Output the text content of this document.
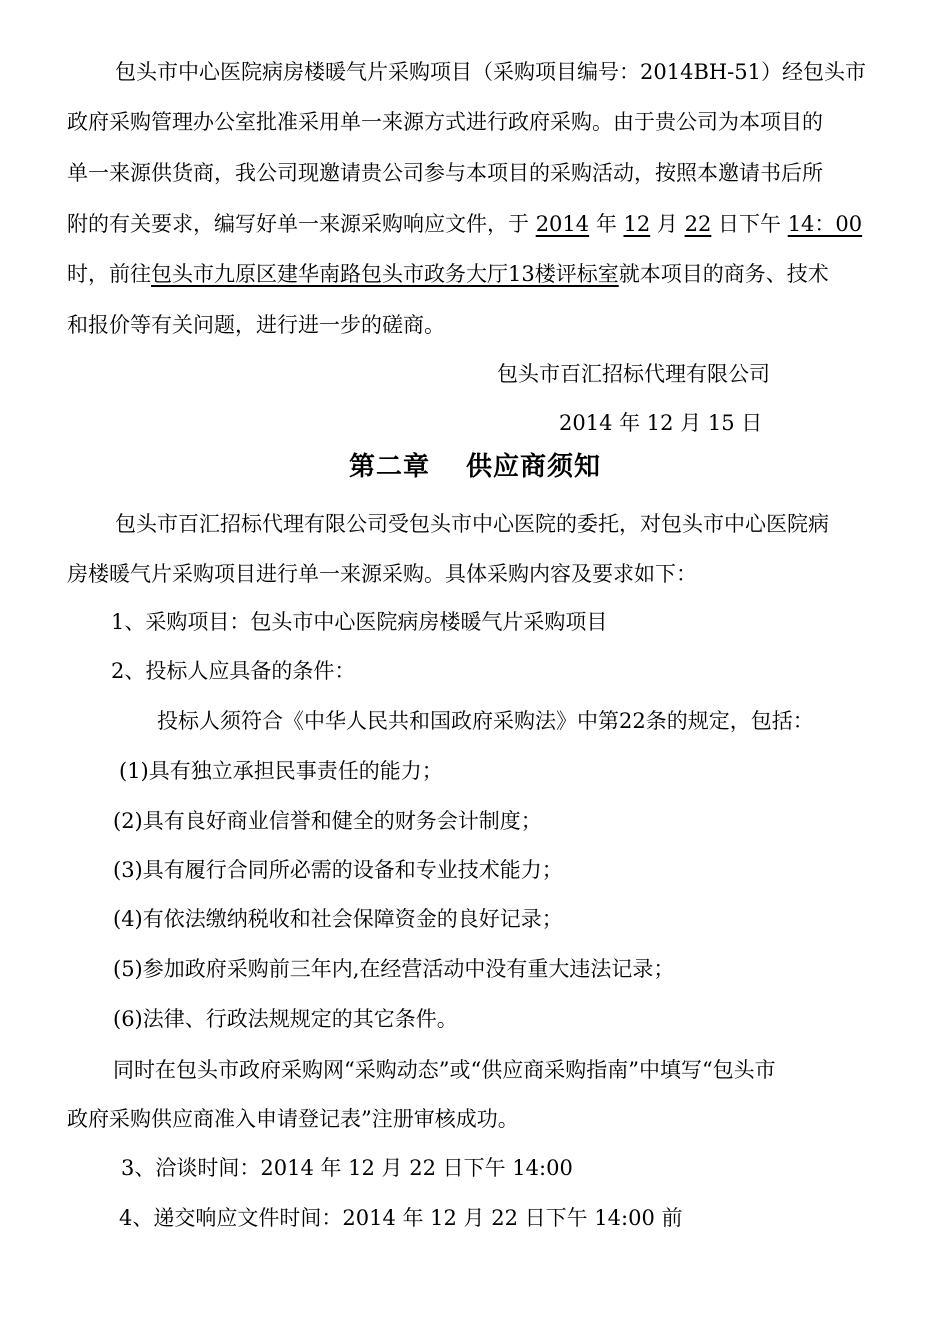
包头市中心医院病房楼暖气片采购项目（采购项目编号：2014BH-51）经包头市
政府采购管理办公室批准采用单一来源方式进行政府采购。由于贵公司为本项目的
单一来源供货商，我公司现邀请贵公司参与本项目的采购活动，按照本邀请书后所
附的有关要求，编写好单一来源采购响应文件，于 2014 年 12 月 22 日下午 14：00
时，前往包头市九原区建华南路包头市政务大厅13楼评标室就本项目的商务、技术
和报价等有关问题，进行进一步的磋商。
包头市百汇招标代理有限公司
2014 年 12 月 15 日
第二章 供应商须知
包头市百汇招标代理有限公司受包头市中心医院的委托，对包头市中心医院病
房楼暖气片采购项目进行单一来源采购。具体采购内容及要求如下：
1、采购项目：包头市中心医院病房楼暖气片采购项目
2、投标人应具备的条件：
投标人须符合《中华人民共和国政府采购法》中第22条的规定，包括：
(1)具有独立承担民事责任的能力；
(2)具有良好商业信誉和健全的财务会计制度；
(3)具有履行合同所必需的设备和专业技术能力；
(4)有依法缴纳税收和社会保障资金的良好记录；
(5)参加政府采购前三年内,在经营活动中没有重大违法记录；
(6)法律、行政法规规定的其它条件。
同时在包头市政府采购网“采购动态”或“供应商采购指南”中填写“包头市
政府采购供应商准入申请登记表”注册审核成功。
3、洽谈时间：2014 年 12 月 22 日下午 14:00
4、递交响应文件时间：2014 年 12 月 22 日下午 14:00 前
